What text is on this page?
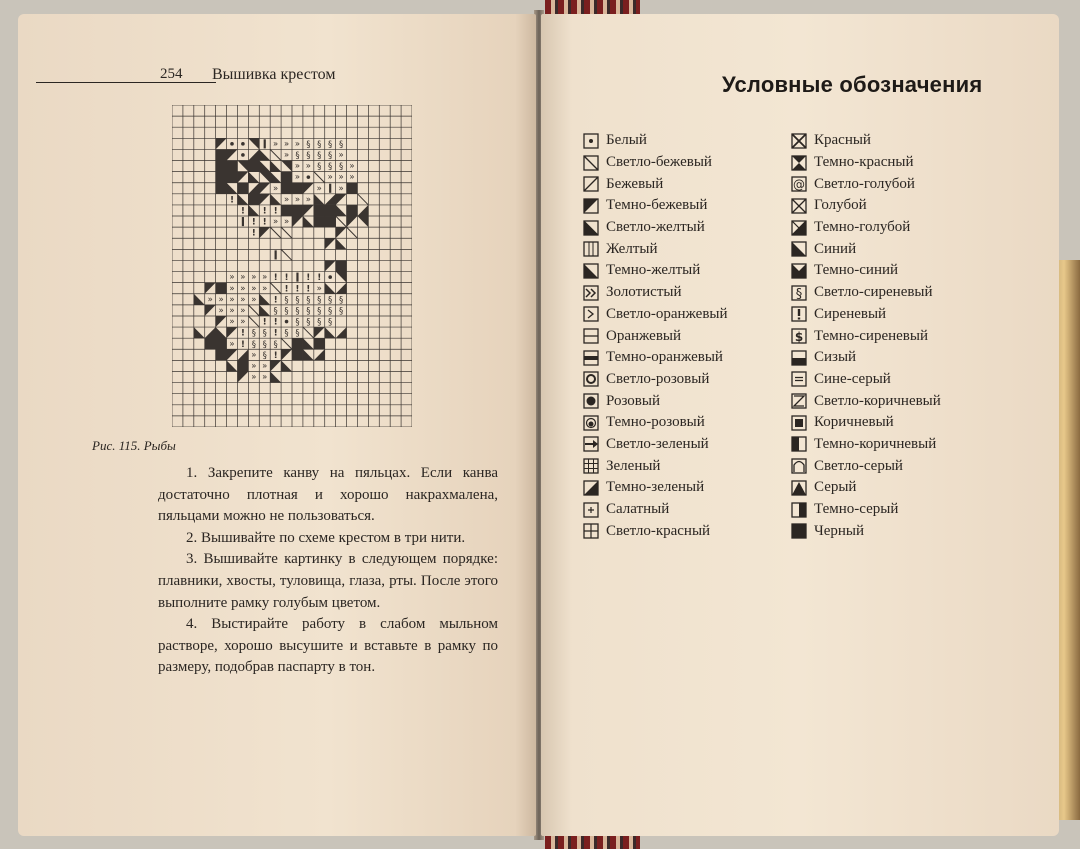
254 Вышивка крестом
» » » § § § §
» § § § § »
» » § § § »
»	» » »
»	» »
!	» » »
! ! !
! ! » »
!
» » » » ! ! ! !
» » » » ! ! ! »
» » » » » ! § § § § § §
» » »	§ § § § § § §
» » ! ! § § § §
! § § ! § §
» ! § § §
» § !
» »
» »
Рис. 115. Рыбы

1. Закрепите канву на пяльцах. Если канва достаточно плотная и хорошо накрахмалена, пяльцами можно не пользоваться.

2. Вышивайте по схеме крестом в три нити.

3. Вышивайте картинку в следующем порядке: плавники, хвосты, туловища, глаза, рты. После этого выполните рамку голубым цветом.

4. Выстирайте работу в слабом мыльном растворе, хорошо высушите и вставьте в рамку по размеру, подобрав паспарту в тон.

Условные обозначения
Белый
Светло-бежевый
Бежевый
Темно-бежевый
Светло-желтый
Желтый
Темно-желтый
Золотистый
Светло-оранжевый
Оранжевый
Темно-оранжевый
Светло-розовый
Розовый
Темно-розовый
Светло-зеленый
Зеленый
Темно-зеленый
Салатный
Светло-красный
Красный
Темно-красный
@ Светло-голубой
Голубой
Темно-голубой
Синий
Темно-синий
§ Светло-сиреневый
Сиреневый
$ Темно-сиреневый
Сизый
Сине-серый
Светло-коричневый
Коричневый
Темно-коричневый
Светло-серый
Серый
Темно-серый
Черный
